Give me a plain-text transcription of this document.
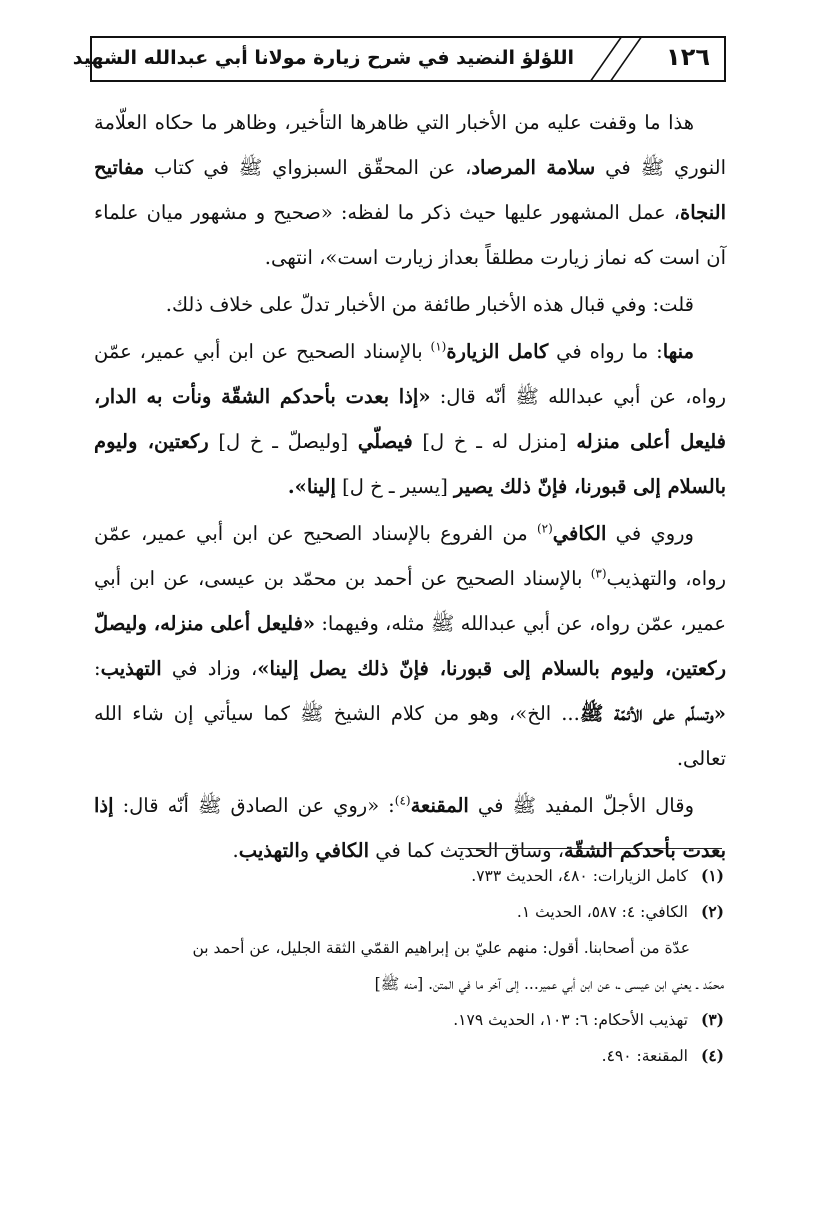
١٢٦
اللؤلؤ النضيد في شرح زيارة مولانا أبي عبدالله الشهيد

هذا ما وقفت عليه من الأخبار التي ظاهرها التأخير، وظاهر ما حكاه العلّامة النوري ﷺ في سلامة المرصاد، عن المحقّق السبزواي ﷺ في كتاب مفاتيح النجاة، عمل المشهور عليها حيث ذكر ما لفظه: «صحيح و مشهور ميان علماء آن است كه نماز زيارت مطلقاً بعداز زيارت است»، انتهى.

قلت: وفي قبال هذه الأخبار طائفة من الأخبار تدلّ على خلاف ذلك.

منها: ما رواه في كامل الزيارة$^{(١)}$ بالإسناد الصحيح عن ابن أبي عمير، عمّن رواه، عن أبي عبدالله ﷺ أنّه قال: «إذا بعدت بأحدكم الشقّة ونأت به الدار، فليعل أعلى منزله [منزل له ـ خ ل] فيصلّي [وليصلّ ـ خ ل] ركعتين، وليوم بالسلام إلى قبورنا، فإنّ ذلك يصير [يسير ـ خ ل] إلينا».

وروي في الكافي$^{(٢)}$ من الفروع بالإسناد الصحيح عن ابن أبي عمير، عمّن رواه، والتهذيب$^{(٣)}$ بالإسناد الصحيح عن أحمد بن محمّد بن عيسى، عن ابن أبي عمير، عمّن رواه، عن أبي عبدالله ﷺ مثله، وفيهما: «فليعل أعلى منزله، وليصلّ ركعتين، وليوم بالسلام إلى قبورنا، فإنّ ذلك يصل إلينا»، وزاد في التهذيب: «وتسلّم على الأئمّة ﷺ... الخ»، وهو من كلام الشيخ ﷺ كما سيأتي إن شاء الله تعالى.

وقال الأجلّ المفيد ﷺ في المقنعة$^{(٤)}$: «روي عن الصادق ﷺ أنّه قال: إذا بعدت بأحدكم الشقّة، وساق الحديث كما في الكافي والتهذيب.

(١)كامل الزيارات: ٤٨٠، الحديث ٧٣٣.

(٢)الكافي: ٤: ٥٨٧، الحديث ١.

عدّة من أصحابنا. أقول: منهم عليّ بن إبراهيم القمّي الثقة الجليل، عن أحمد بن

محمّد ـ يعني ابن عيسى ـ، عن ابن أبي عمير... إلى آخر ما في المتن. [منه ﷺ]

(٣)تهذيب الأحكام: ٦: ١٠٣، الحديث ١٧٩.

(٤)المقنعة: ٤٩٠.
